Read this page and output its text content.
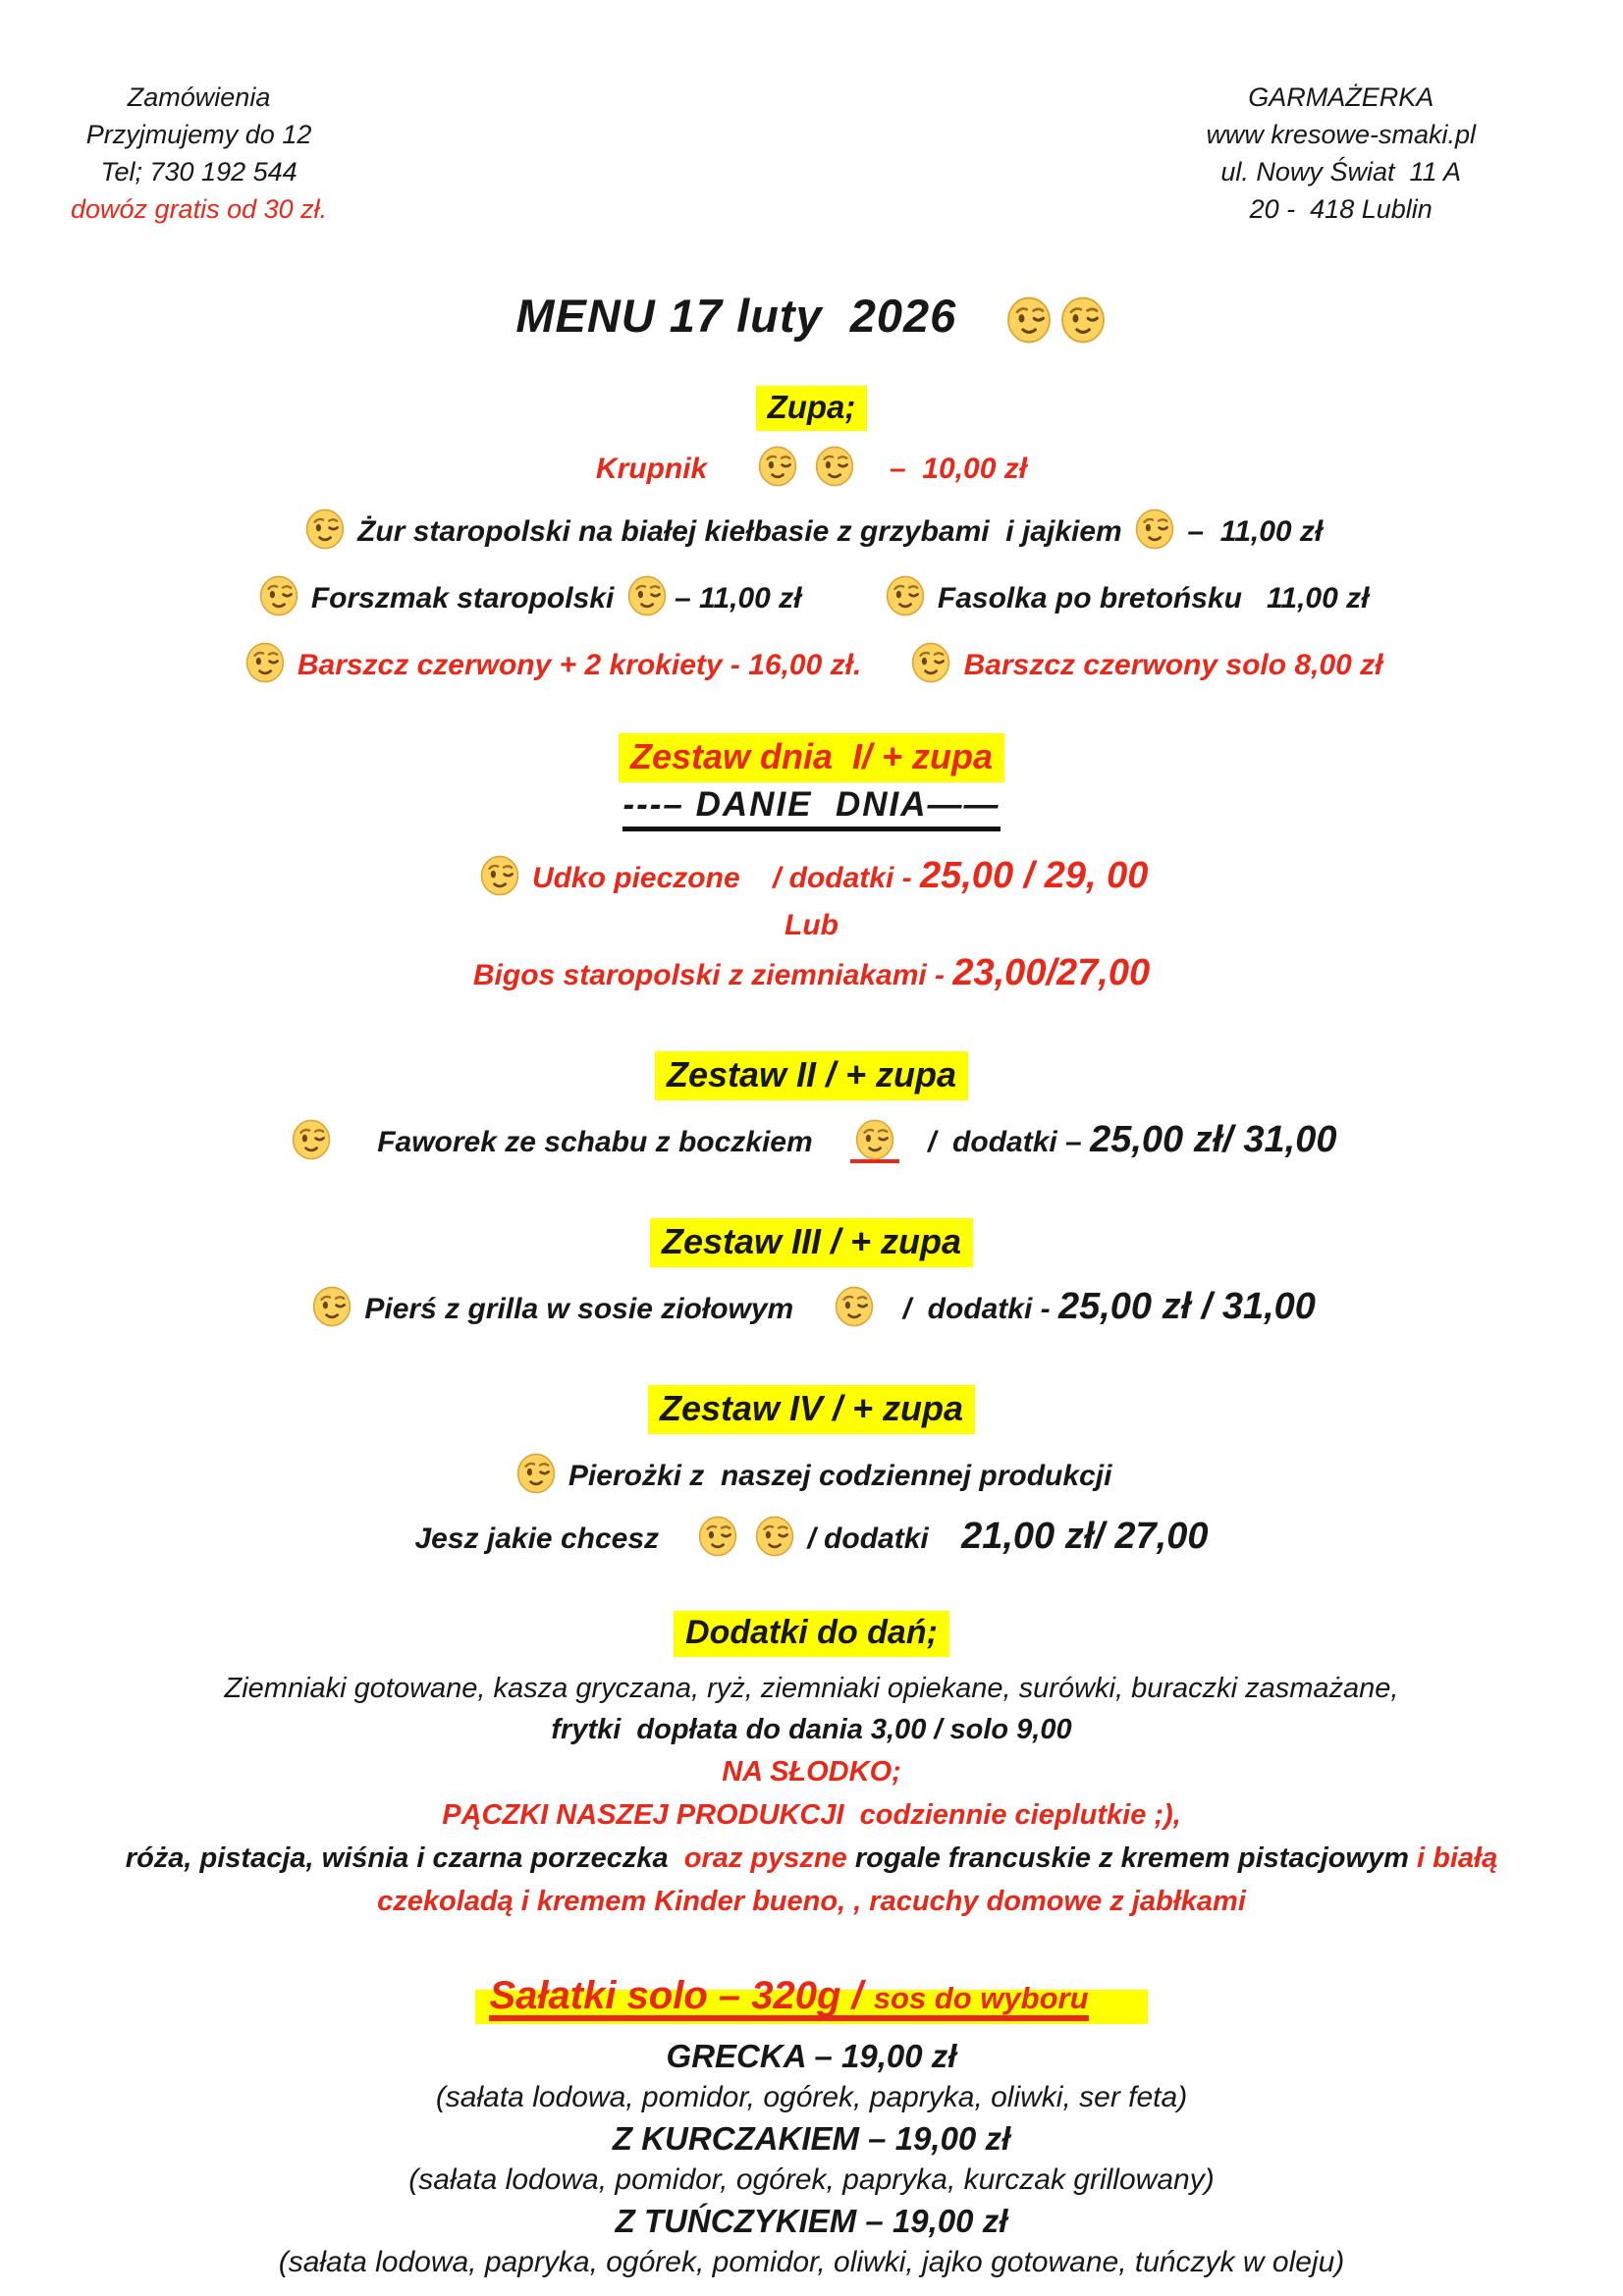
Zamówienia
Przyjmujemy do 12
Tel; 730 192 544
dowóz gratis od 30 zł.
GARMAŻERKA
www kresowe-smaki.pl
ul. Nowy Świat  11 A
20 -  418 Lublin
MENU 17 luty  2026
Zupa;
Krupnik	–  10,00 zł
Żur staropolski na białej kiełbasie z grzybami  i jajkiem –  11,00 zł
Forszmak staropolski – 11,00 zł	Fasolka po bretońsku   11,00 zł
Barszcz czerwony + 2 krokiety - 16,00 zł.	Barszcz czerwony solo 8,00 zł
Zestaw dnia  I/ + zupa
---– DANIE  DNIA——
Udko pieczone    / dodatki - 25,00 / 29, 00
Lub
Bigos staropolski z ziemniakami - 23,00/27,00
Zestaw II / + zupa
Faworek ze schabu z boczkiem	/  dodatki – 25,00 zł/ 31,00
Zestaw III / + zupa
Pierś z grilla w sosie ziołowym	/  dodatki - 25,00 zł / 31,00
Zestaw IV / + zupa
Pierożki z  naszej codziennej produkcji
Jesz jakie chcesz	/ dodatki    21,00 zł/ 27,00
Dodatki do dań;
Ziemniaki gotowane, kasza gryczana, ryż, ziemniaki opiekane, surówki, buraczki zasmażane,
frytki  dopłata do dania 3,00 / solo 9,00
NA SŁODKO;
PĄCZKI NASZEJ PRODUKCJI  codziennie cieplutkie ;),
róża, pistacja, wiśnia i czarna porzeczka  oraz pyszne rogale francuskie z kremem pistacjowym i białą
czekoladą i kremem Kinder bueno, , racuchy domowe z jabłkami
Sałatki solo – 320g / sos do wyboru
GRECKA – 19,00 zł
(sałata lodowa, pomidor, ogórek, papryka, oliwki, ser feta)
Z KURCZAKIEM – 19,00 zł
(sałata lodowa, pomidor, ogórek, papryka, kurczak grillowany)
Z TUŃCZYKIEM – 19,00 zł
(sałata lodowa, papryka, ogórek, pomidor, oliwki, jajko gotowane, tuńczyk w oleju)
